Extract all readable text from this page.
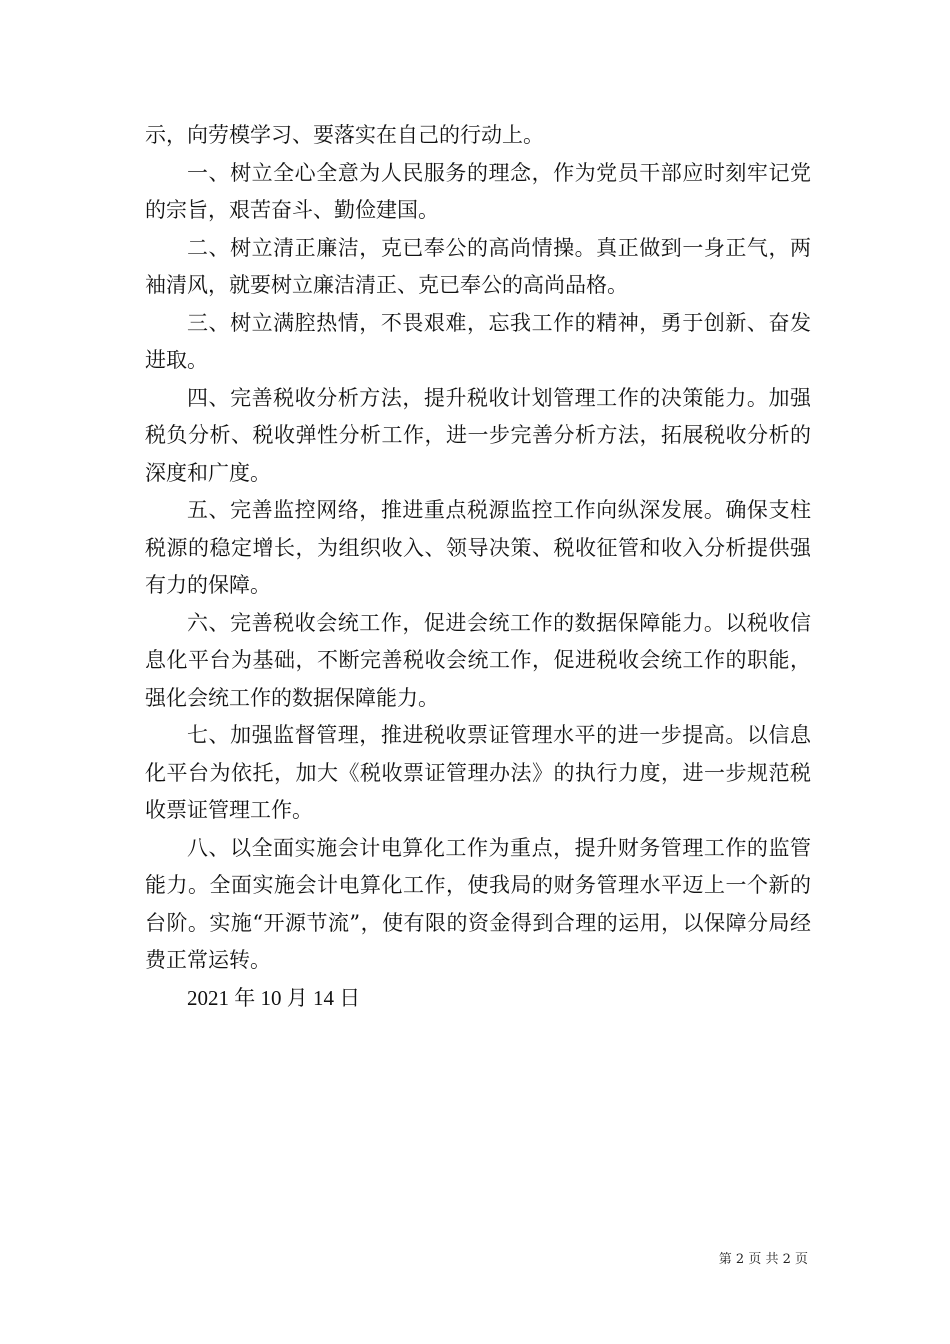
示，向劳模学习、要落实在自己的行动上。

一、树立全心全意为人民服务的理念，作为党员干部应时刻牢记党的宗旨，艰苦奋斗、勤俭建国。

二、树立清正廉洁，克已奉公的高尚情操。真正做到一身正气，两袖清风，就要树立廉洁清正、克已奉公的高尚品格。

三、树立满腔热情，不畏艰难，忘我工作的精神，勇于创新、奋发进取。

四、完善税收分析方法，提升税收计划管理工作的决策能力。加强税负分析、税收弹性分析工作，进一步完善分析方法，拓展税收分析的深度和广度。

五、完善监控网络，推进重点税源监控工作向纵深发展。确保支柱税源的稳定增长，为组织收入、领导决策、税收征管和收入分析提供强有力的保障。

六、完善税收会统工作，促进会统工作的数据保障能力。以税收信息化平台为基础，不断完善税收会统工作，促进税收会统工作的职能，强化会统工作的数据保障能力。

七、加强监督管理，推进税收票证管理水平的进一步提高。以信息化平台为依托，加大《税收票证管理办法》的执行力度，进一步规范税收票证管理工作。

八、以全面实施会计电算化工作为重点，提升财务管理工作的监管能力。全面实施会计电算化工作，使我局的财务管理水平迈上一个新的台阶。实施“开源节流”，使有限的资金得到合理的运用，以保障分局经费正常运转。

2021 年 10 月 14 日

第 2 页 共 2 页
